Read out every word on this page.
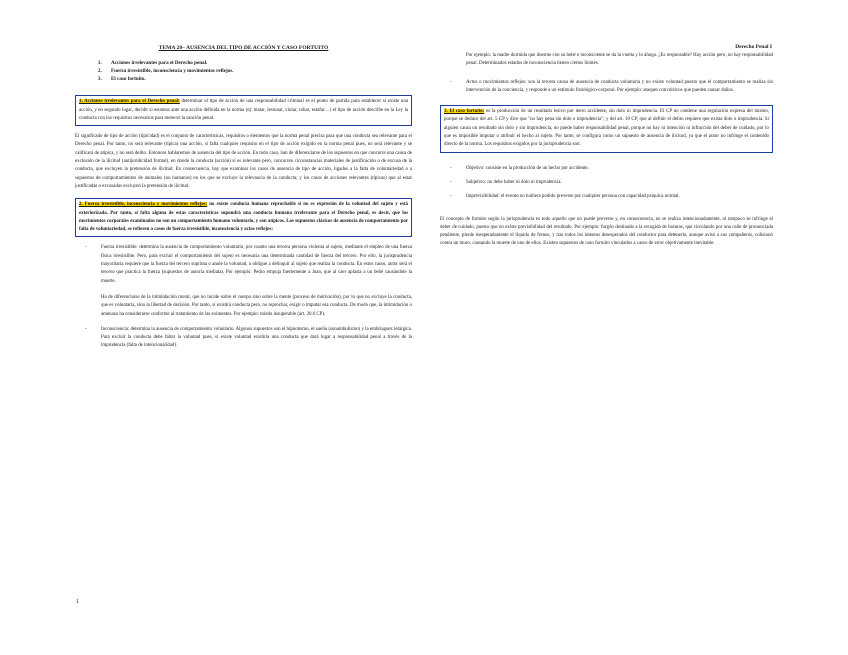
Derecho Penal I
TEMA 28– AUSENCIA DEL TIPO DE ACCIÓN Y CASO FORTUITO
1. Acciones irrelevantes para el Derecho penal.
2. Fuerza irresistible, inconsciencia y movimientos reflejos.
3. El caso fortuito.
1. Acciones irrelevantes para el Derecho penal: determinar el tipo de acción de una responsabilidad criminal es el punto de partida para establecer si existe una acción, y en segundo lugar, decidir si estamos ante una acción definida en la norma (ej: matar, lesionar, violar, robar, estafar…) el tipo de acción describe en la Ley la conducta con los requisitos necesarios para merecer la sanción penal.

El significado de tipo de acción (tipicidad) es el conjunto de características, requisitos o elementos que la norma penal precisa para que una conducta sea relevante para el Derecho penal. Por tanto, no será relevante (típica) una acción, si falta cualquier requisito en el tipo de acción exigido en la norma penal pues, no será relevante y se calificará de atípica, y no será delito. Entonces hablaremos de ausencia del tipo de acción. En todo caso, han de diferenciarse de los supuestos en que concurre una causa de exclusión de la ilicitud (antijuridicidad formal), en donde la conducta (acción) sí es relevante pero, concurren circunstancias materiales de justificación o de excusa de la conducta, que excluyen la pretensión de ilicitud. En consecuencia, hay que examinar los casos de ausencia de tipo de acción, ligados a la falta de voluntariedad o a supuestos de comportamientos de animales (no humanos) en los que se excluye la relevancia de la conducta; y los casos de acciones relevantes (típicas) que al estar justificadas o excusadas excluyen la pretensión de ilicitud.

2. Fuerza irresistible, inconsciencia y movimientos reflejos: no existe conducta humana reprochable si no es expresión de la voluntad del sujeto y está exteriorizada. Por tanto, si falta alguna de estas características supondrá una conducta humana irrelevante para el Derecho penal, es decir, que los movimientos corporales examinados no son un comportamiento humano voluntario, y son atípicos. Los supuestos clásicos de ausencia de comportamiento por falta de voluntariedad, se refieren a casos de fuerza irresistible, inconsciencia y actos reflejos:
- Fuerza irresistible: determina la ausencia de comportamiento voluntario, por cuanto una tercera persona violenta al sujeto, mediante el empleo de una fuerza física irresistible. Pero, para excluir el comportamiento del sujeto es necesaria una determinada cantidad de fuerza del tercero. Por ello, la jurisprudencia mayoritaria requiere que la fuerza del tercero suprima o anule la voluntad, u obligue a delinquir al sujeto que realiza la conducta. En estos casos, autor será el tercero que practica la fuerza (supuestos de autoría mediata). Por ejemplo: Pedro empuja fuertemente a Juan, que al caer aplasta a un bebé causándole la muerte.

Ha de diferenciarse de la intimidación moral, que no incide sobre el cuerpo sino sobre la mente (proceso de motivación), por lo que no excluye la conducta, que es voluntaria, sino la libertad de decisión. Por tanto, sí existirá conducta pero, no reprochar, exigir o imputar esa conducta. De modo que, la intimidación o amenaza ha considerarse conforme al tratamiento de las eximentes. Por ejemplo: miedo insuperable (art. 20.6 CP).

- Inconsciencia: determina la ausencia de comportamiento voluntario. Algunos supuestos son el hipnotismo, el sueño (sonambulismo) y la embriaguez letárgica. Para excluir la conducta debe faltar la voluntad pues, si existe voluntad existiría una conducta que dará lugar a responsabilidad penal a través de la imprudencia (falta de intencionalidad).

Por ejemplo: la madre dormida que duerme con su bebé e inconsciente se da la vuelta y lo ahoga. ¿Es responsable? Hay acción pero, no hay responsabilidad penal. Determinados estados de inconsciencia tienen ciertos límites.

- Actos o movimientos reflejos: son la tercera causa de ausencia de conducta voluntaria y no existe voluntad puesto que el comportamiento se realiza sin intervención de la conciencia, y responde a un estímulo fisiológico-corporal. Por ejemplo: ataques convulsivos que pueden causar daños.
3. El caso fortuito: es la producción de un resultado lesivo por mero accidente, sin dolo ni imprudencia. El CP no contiene una regulación expresa del mismo, porque se deduce del art. 5 CP y dice que "no hay pena sin dolo o imprudencia"; y del art. 10 CP, que al definir el delito requiere que exista dolo o imprudencia. Si alguien causa un resultado sin dolo y sin imprudencia, no puede haber responsabilidad penal, porque no hay ni intención ni infracción del deber de cuidado, por lo que es imposible imputar o atribuir el hecho al sujeto. Por tanto, se configura como un supuesto de ausencia de ilicitud, ya que el autor no infringe el contenido directo de la norma. Los requisitos exigidos por la jurisprudencia son:
- Objetivo: consiste en la producción de un hecho por accidente.
- Subjetivo: no debe haber ni dolo ni imprudencia.
- Imprevisibilidad: el evento no hubiera podido preverse por cualquier persona con capacidad psíquica normal.

El concepto de fortuito según la jurisprudencia es todo aquello que no puede preverse y, en consecuencia, no se realiza intencionadamente, ni tampoco se infringe el deber de cuidado, puesto que no existe previsibilidad del resultado. Por ejemplo: furgón destinado a la recogida de basuras, que circulando por una calle de pronunciada pendiente, pierde inesperadamente el líquido de frenos, y tras todos los intentos desesperados del conductor para detenerlo, aunque avisó a sus compañeros, colisionó contra un muro, causando la muerte de uno de ellos. Existen supuestos de caso fortuito vinculados a casos de error objetivamente inevitable.

1
